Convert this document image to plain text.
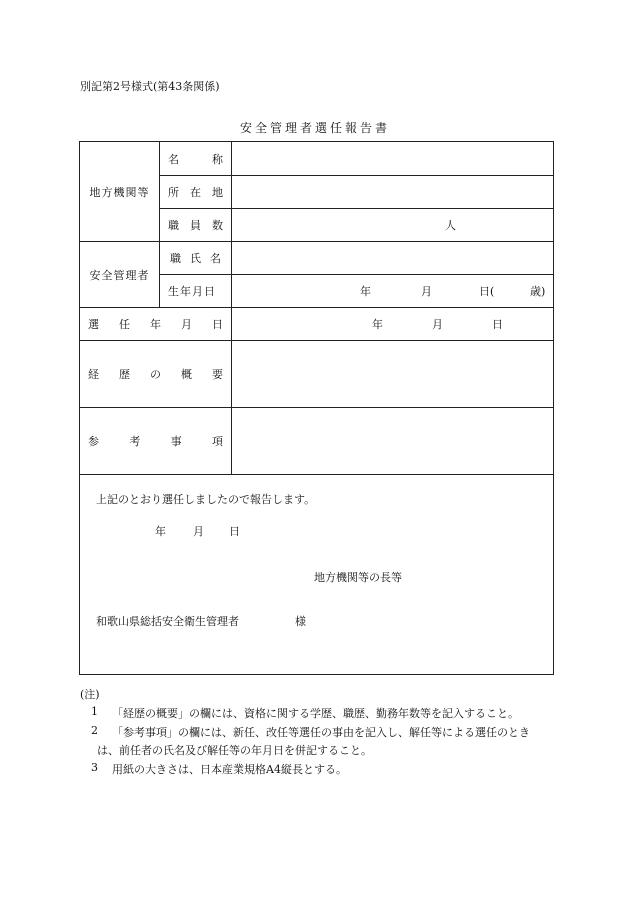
別記第2号様式(第43条関係)
安全管理者選任報告書
地方機関等	名 称	

	所 在 地	

	職 員 数	人

安全管理者	職 氏 名	

	生年月日	年 月 日( 歳)

選 任 年 月 日		年 月 日

経 歴 の 概 要		

参 考 事 項		

上記のとおり選任しましたので報告します。
年 月 日
地方機関等の長等
和歌山県総括安全衛生管理者	様
(注)
1 「経歴の概要」の欄には、資格に関する学歴、職歴、勤務年数等を記入すること。
2 「参考事項」の欄には、新任、改任等選任の事由を記入し、解任等による選任のとき
は、前任者の氏名及び解任等の年月日を併記すること。
3 用紙の大きさは、日本産業規格A4縦長とする。
